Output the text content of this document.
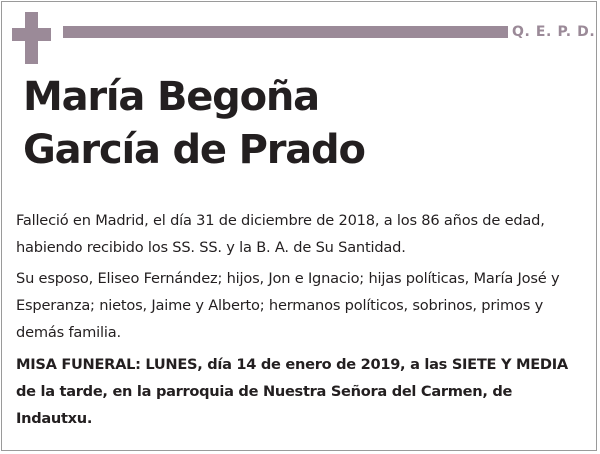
Q. E. P. D.
María Begoña
García de Prado

Falleció en Madrid, el día 31 de diciembre de 2018, a los 86 años de edad, habiendo recibido los SS. SS. y la B. A. de Su Santidad.

Su esposo, Eliseo Fernández; hijos, Jon e Ignacio; hijas políticas, María José y Esperanza; nietos, Jaime y Alberto; hermanos políticos, sobrinos, primos y demás familia.

MISA FUNERAL: LUNES, día 14 de enero de 2019, a las SIETE Y MEDIA de la tarde, en la parroquia de Nuestra Señora del Carmen, de Indautxu.
